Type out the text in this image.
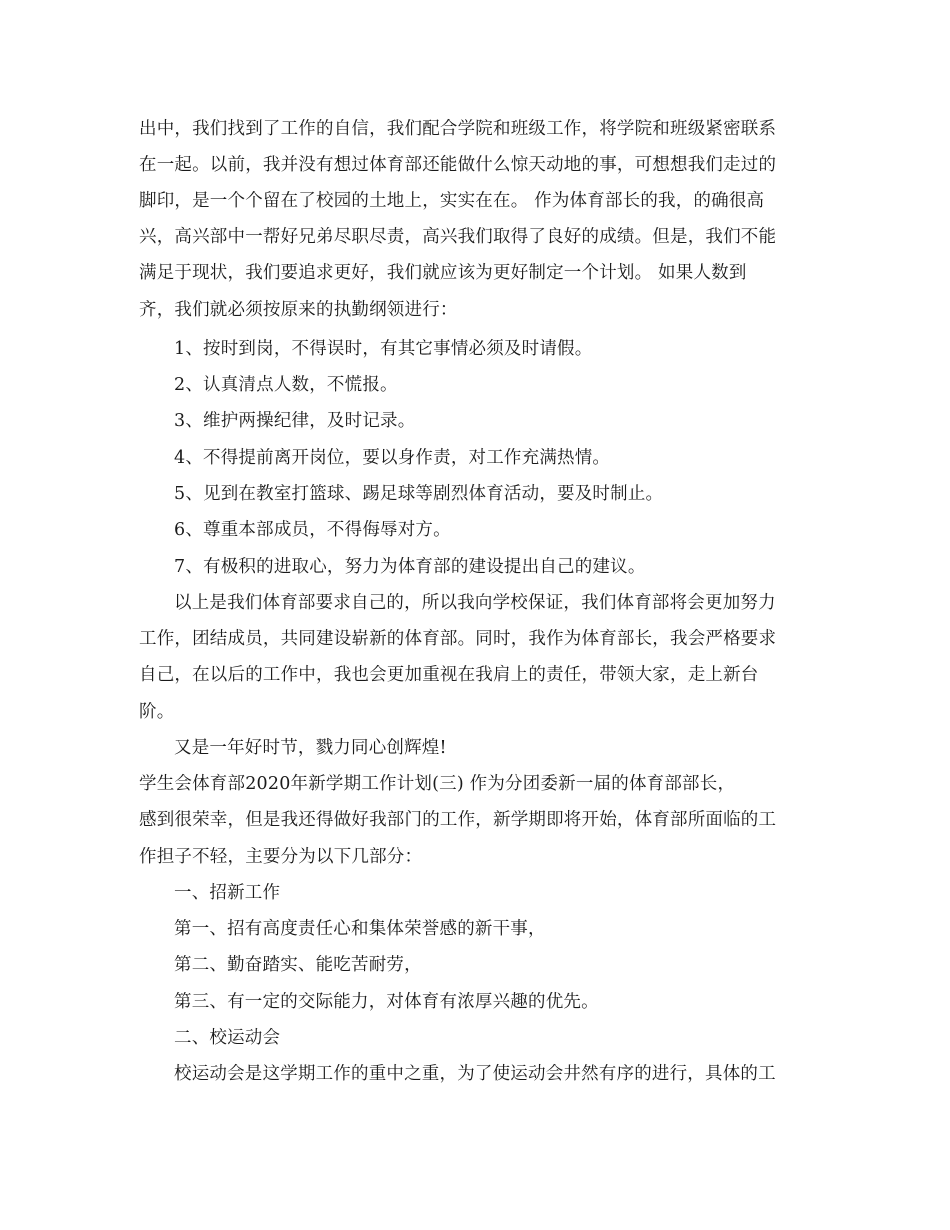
出中，我们找到了工作的自信，我们配合学院和班级工作，将学院和班级紧密联系
在一起。以前，我并没有想过体育部还能做什么惊天动地的事，可想想我们走过的
脚印，是一个个留在了校园的土地上，实实在在。 作为体育部长的我，的确很高
兴，高兴部中一帮好兄弟尽职尽责，高兴我们取得了良好的成绩。但是，我们不能
满足于现状，我们要追求更好，我们就应该为更好制定一个计划。 如果人数到
齐，我们就必须按原来的执勤纲领进行：
1、按时到岗，不得误时，有其它事情必须及时请假。
2、认真清点人数，不慌报。
3、维护两操纪律，及时记录。
4、不得提前离开岗位，要以身作责，对工作充满热情。
5、见到在教室打篮球、踢足球等剧烈体育活动，要及时制止。
6、尊重本部成员，不得侮辱对方。
7、有极积的进取心，努力为体育部的建设提出自己的建议。
以上是我们体育部要求自己的，所以我向学校保证，我们体育部将会更加努力
工作，团结成员，共同建设崭新的体育部。同时，我作为体育部长，我会严格要求
自己，在以后的工作中，我也会更加重视在我肩上的责任，带领大家，走上新台
阶。
又是一年好时节，戮力同心创辉煌!
学生会体育部2020年新学期工作计划(三) 作为分团委新一届的体育部部长，
感到很荣幸，但是我还得做好我部门的工作，新学期即将开始，体育部所面临的工
作担子不轻，主要分为以下几部分：
一、招新工作
第一、招有高度责任心和集体荣誉感的新干事，
第二、勤奋踏实、能吃苦耐劳，
第三、有一定的交际能力，对体育有浓厚兴趣的优先。
二、校运动会
校运动会是这学期工作的重中之重，为了使运动会井然有序的进行，具体的工
